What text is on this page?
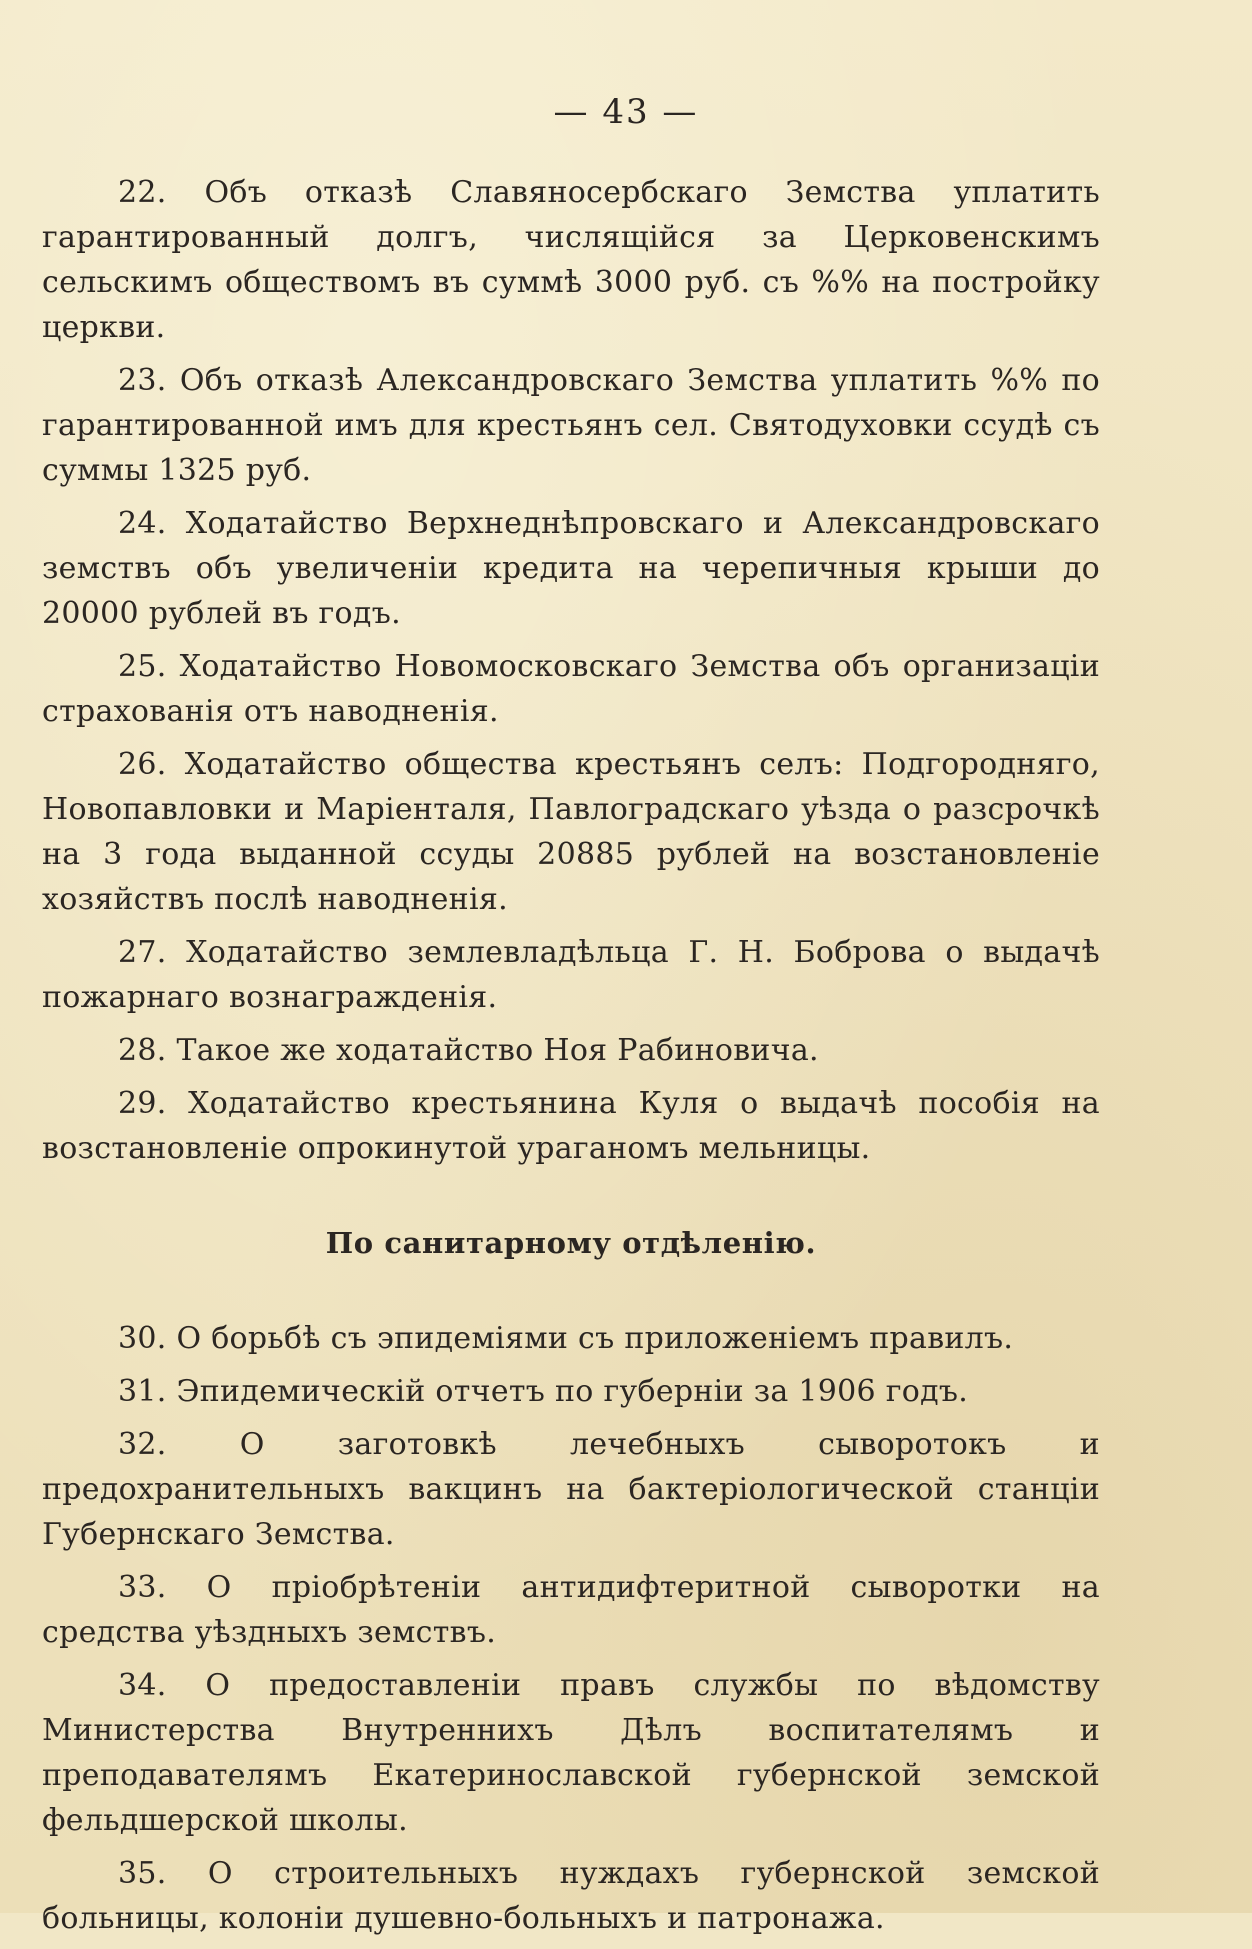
— 43 —

22. Объ отказѣ Славяносербскаго Земства уплатить гарантированный долгъ, числящійся за Церковенскимъ сельскимъ обществомъ въ суммѣ 3000 руб. съ %% на постройку церкви.

23. Объ отказѣ Александровскаго Земства уплатить %% по гарантированной имъ для крестьянъ сел. Святодуховки ссудѣ съ суммы 1325 руб.

24. Ходатайство Верхнеднѣпровскаго и Александровскаго земствъ объ увеличеніи кредита на черепичныя крыши до 20000 рублей въ годъ.

25. Ходатайство Новомосковскаго Земства объ организаціи страхованія отъ наводненія.

26. Ходатайство общества крестьянъ селъ: Подгородняго, Новопавловки и Маріенталя, Павлоградскаго уѣзда о разсрочкѣ на 3 года выданной ссуды 20885 рублей на возстановленіе хозяйствъ послѣ наводненія.

27. Ходатайство землевладѣльца Г. Н. Боброва о выдачѣ пожарнаго вознагражденія.

28. Такое же ходатайство Ноя Рабиновича.

29. Ходатайство крестьянина Куля о выдачѣ пособія на возстановленіе опрокинутой ураганомъ мельницы.

По санитарному отдѣленію.

30. О борьбѣ съ эпидеміями съ приложеніемъ правилъ.

31. Эпидемическій отчетъ по губерніи за 1906 годъ.

32. О заготовкѣ лечебныхъ сыворотокъ и предохранительныхъ вакцинъ на бактеріологической станціи Губернскаго Земства.

33. О пріобрѣтеніи антидифтеритной сыворотки на средства уѣздныхъ земствъ.

34. О предоставленіи правъ службы по вѣдомству Министерства Внутреннихъ Дѣлъ воспитателямъ и преподавателямъ Екатеринославской губернской земской фельдшерской школы.

35. О строительныхъ нуждахъ губернской земской больницы, колоніи душевно-больныхъ и патронажа.
